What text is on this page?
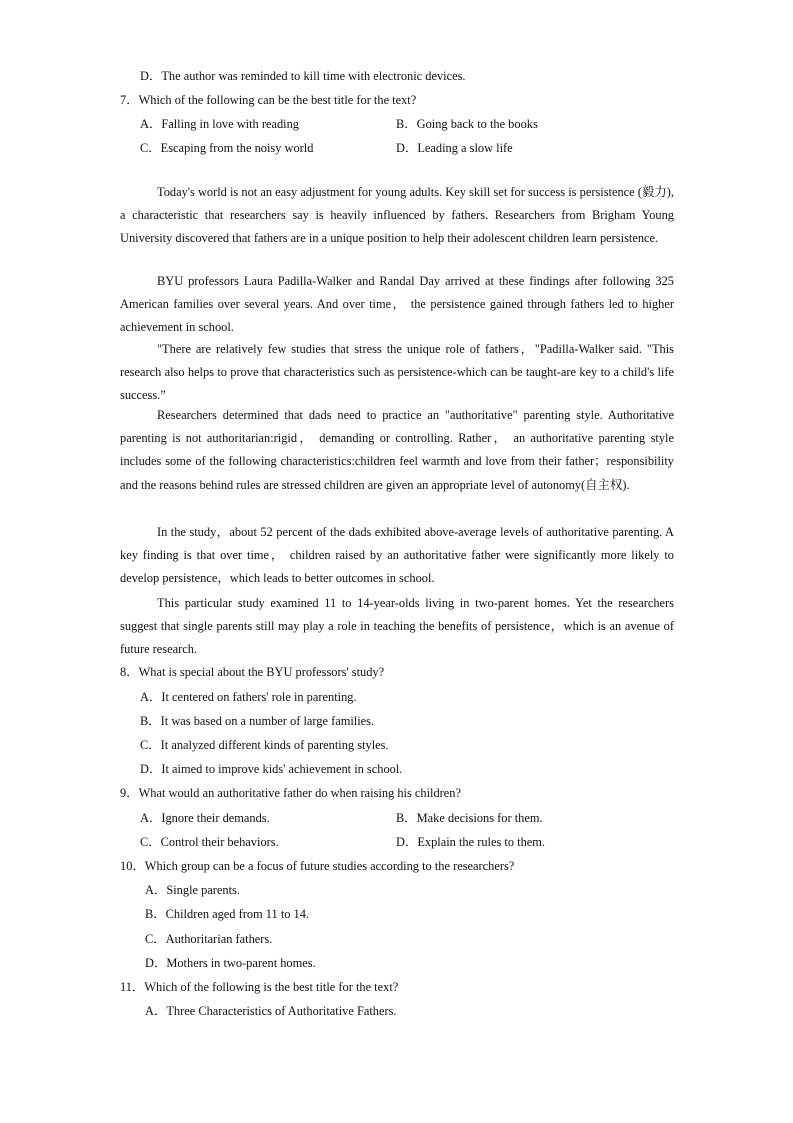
D．The author was reminded to kill time with electronic devices.
7．Which of the following can be the best title for the text?
A．Falling in love with reading	B．Going back to the books
C．Escaping from the noisy world	D．Leading a slow life

Today's world is not an easy adjustment for young adults. Key skill set for success is persistence (毅力), a characteristic that researchers say is heavily influenced by fathers. Researchers from Brigham Young University discovered that fathers are in a unique position to help their adolescent children learn persistence.

BYU professors Laura Padilla-Walker and Randal Day arrived at these findings after following 325 American families over several years. And over time， the persistence gained through fathers led to higher achievement in school.

"There are relatively few studies that stress the unique role of fathers，"Padilla-Walker said. "This research also helps to prove that characteristics such as persistence-which can be taught-are key to a child's life success.”

Researchers determined that dads need to practice an "authoritative" parenting style. Authoritative parenting is not authoritarian:rigid， demanding or controlling. Rather， an authoritative parenting style includes some of the following characteristics:children feel warmth and love from their father；responsibility and the reasons behind rules are stressed children are given an appropriate level of autonomy(自主权).

In the study，about 52 percent of the dads exhibited above-average levels of authoritative parenting. A key finding is that over time， children raised by an authoritative father were significantly more likely to develop persistence，which leads to better outcomes in school.

This particular study examined 11 to 14-year-olds living in two-parent homes. Yet the researchers suggest that single parents still may play a role in teaching the benefits of persistence，which is an avenue of future research.

8．What is special about the BYU professors' study?
A．It centered on fathers' role in parenting.
B．It was based on a number of large families.
C．It analyzed different kinds of parenting styles.
D．It aimed to improve kids' achievement in school.
9．What would an authoritative father do when raising his children?
A．Ignore their demands.	B．Make decisions for them.
C．Control their behaviors.	D．Explain the rules to them.
10．Which group can be a focus of future studies according to the researchers?
A．Single parents.
B．Children aged from 11 to 14.
C．Authoritarian fathers.
D．Mothers in two-parent homes.
11．Which of the following is the best title for the text?
A．Three Characteristics of Authoritative Fathers.
